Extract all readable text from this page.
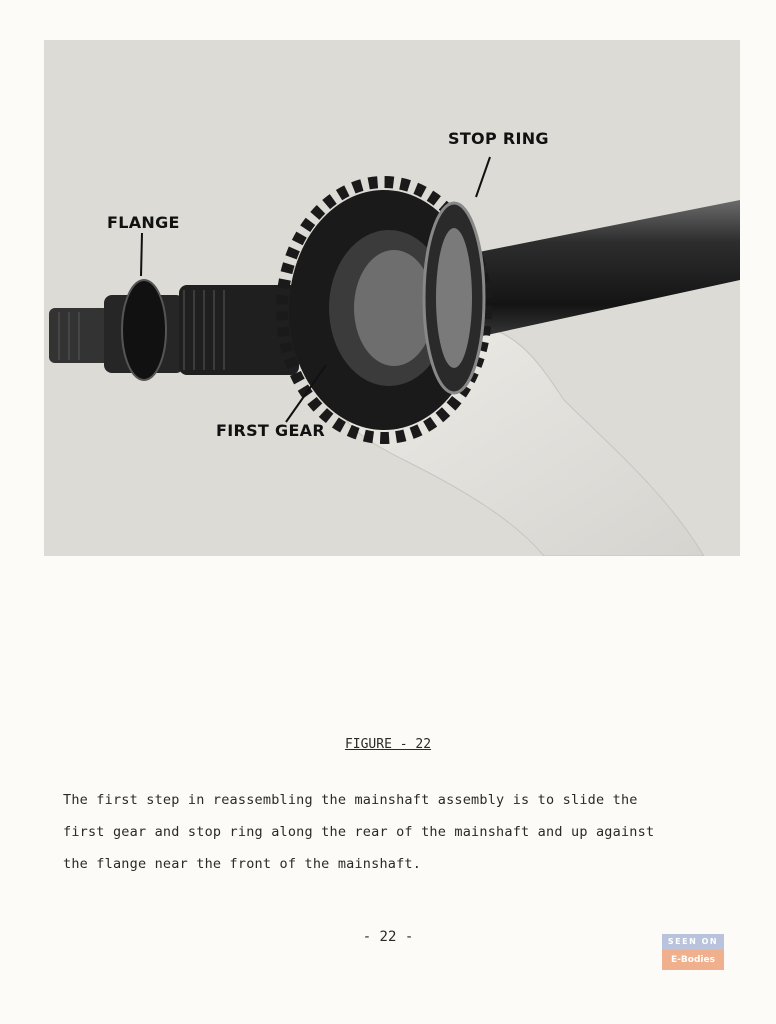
STOP RING
FLANGE
FIRST GEAR
FIGURE - 22
The first step in reassembling the mainshaft assembly is to slide the
first gear and stop ring along the rear of the mainshaft and up against
the flange near the front of the mainshaft.
- 22 -	SEEN ON
E-Bodies
